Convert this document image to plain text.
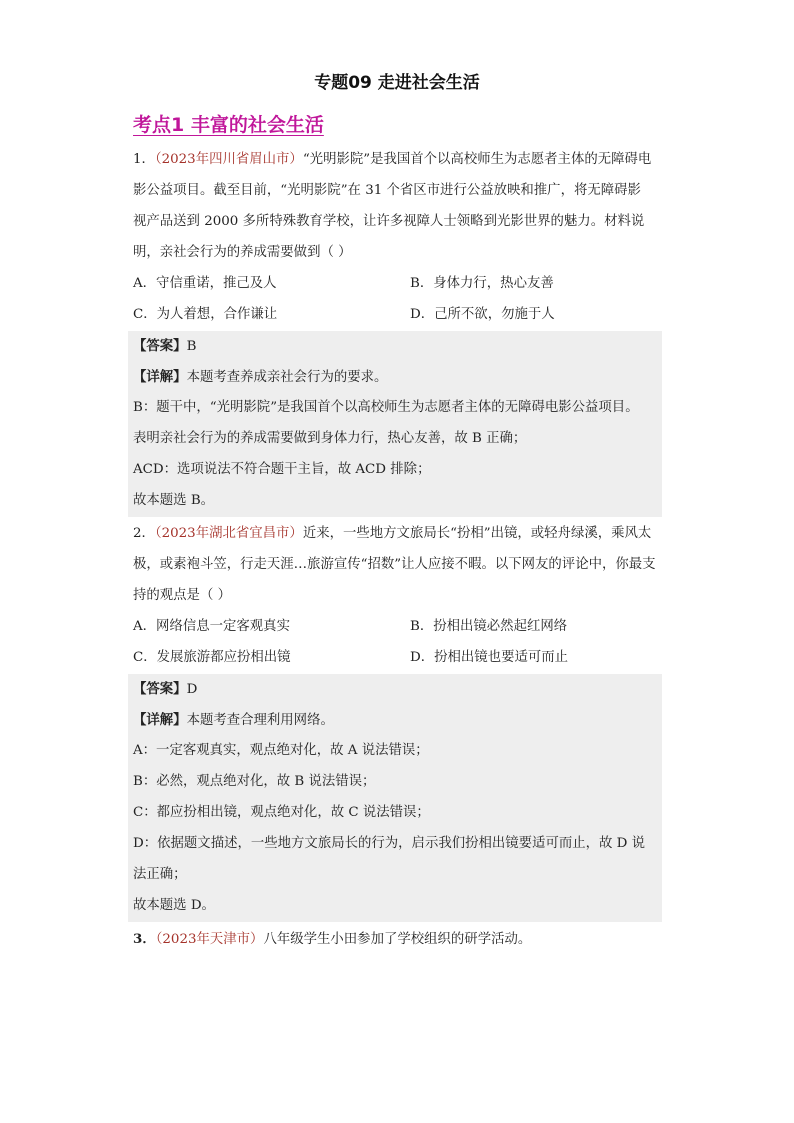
专题09 走进社会生活
考点1 丰富的社会生活
1．（2023年四川省眉山市）“光明影院”是我国首个以高校师生为志愿者主体的无障碍电
影公益项目。截至目前，“光明影院”在 31 个省区市进行公益放映和推广，将无障碍影
视产品送到 2000 多所特殊教育学校，让许多视障人士领略到光影世界的魅力。材料说
明，亲社会行为的养成需要做到（ ）
A．守信重诺，推己及人	B．身体力行，热心友善
C．为人着想，合作谦让	D．己所不欲，勿施于人
【答案】B
【详解】本题考查养成亲社会行为的要求。
B：题干中，“光明影院”是我国首个以高校师生为志愿者主体的无障碍电影公益项目。
表明亲社会行为的养成需要做到身体力行，热心友善，故 B 正确；
ACD：选项说法不符合题干主旨，故 ACD 排除；
故本题选 B。
2．（2023年湖北省宜昌市）近来，一些地方文旅局长“扮相”出镜，或轻舟绿溪，乘风太
极，或素袍斗笠，行走天涯…旅游宣传“招数”让人应接不暇。以下网友的评论中，你最支
持的观点是（ ）
A．网络信息一定客观真实	B．扮相出镜必然起红网络
C．发展旅游都应扮相出镜	D．扮相出镜也要适可而止
【答案】D
【详解】本题考查合理利用网络。
A：一定客观真实，观点绝对化，故 A 说法错误；
B：必然，观点绝对化，故 B 说法错误；
C：都应扮相出镜，观点绝对化，故 C 说法错误；
D：依据题文描述，一些地方文旅局长的行为，启示我们扮相出镜要适可而止，故 D 说
法正确；
故本题选 D。
3．（2023年天津市）八年级学生小田参加了学校组织的研学活动。
